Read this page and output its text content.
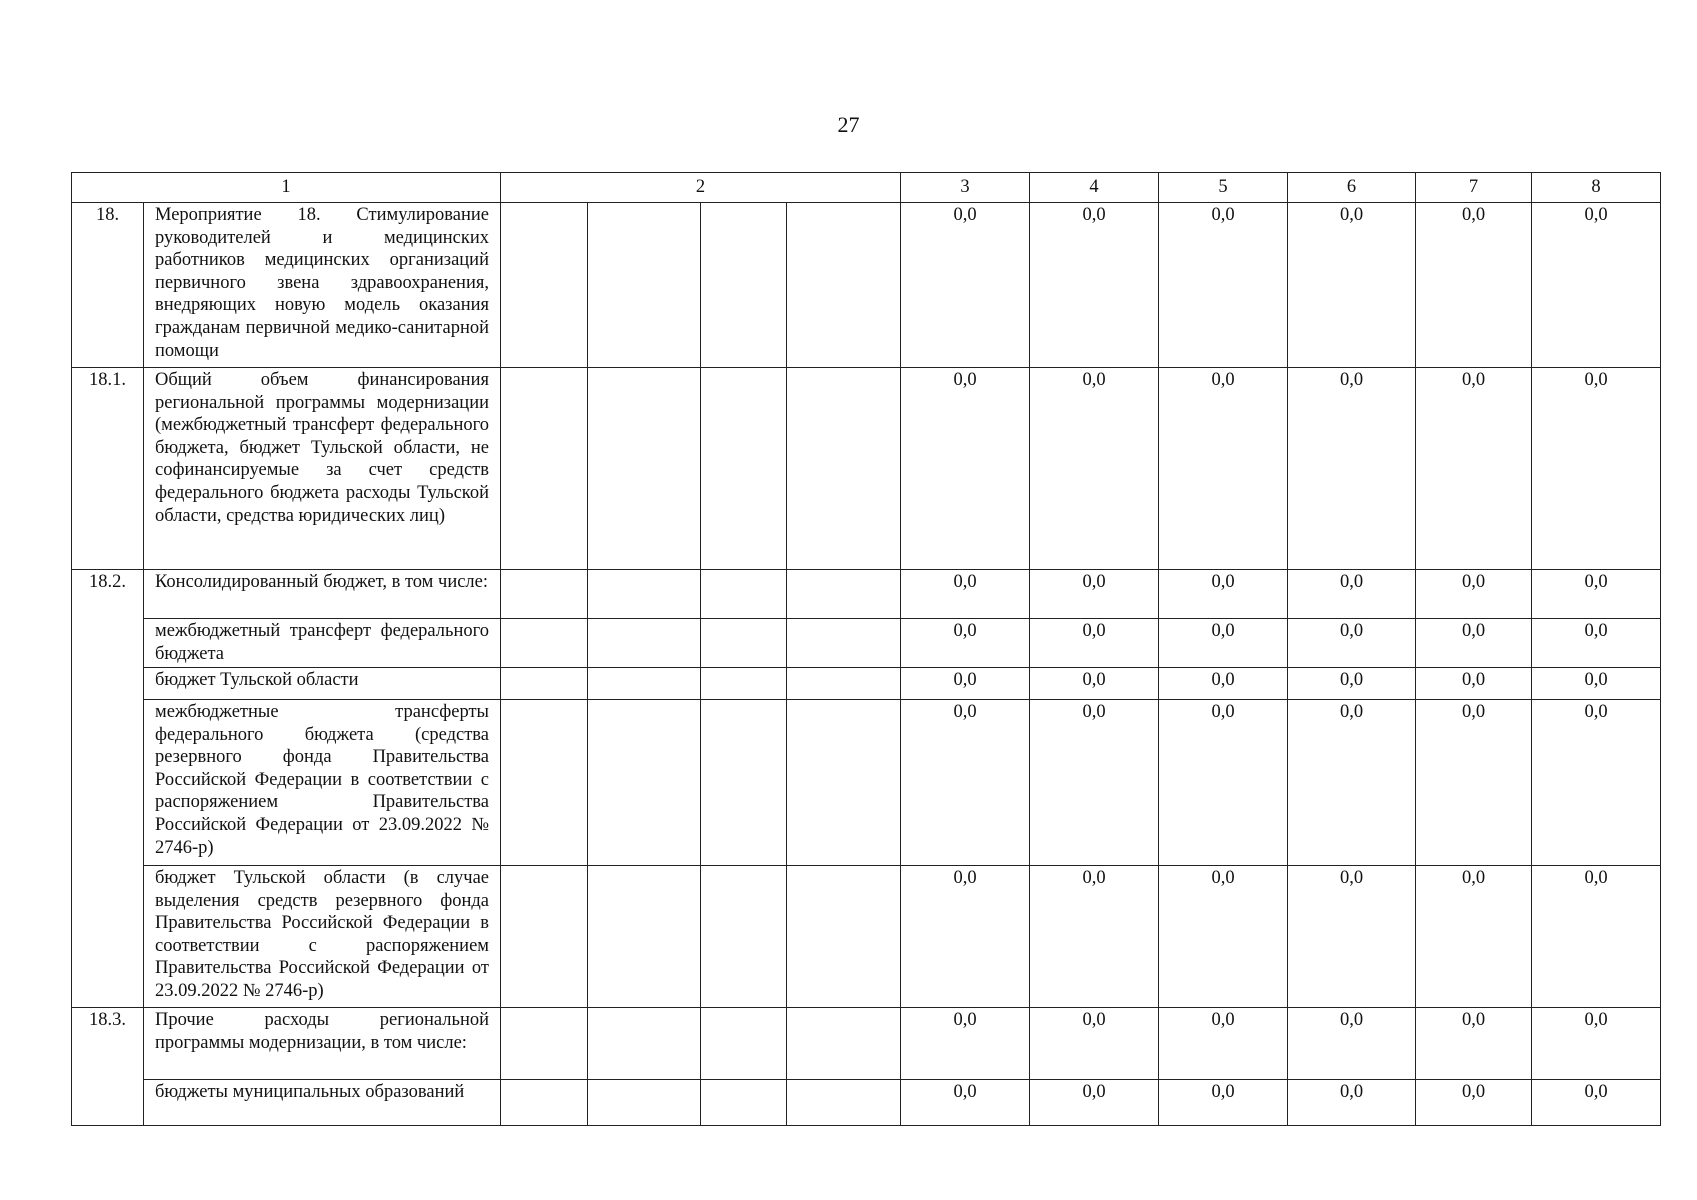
27
1		2				3	4	5	6	7	8
18.	Мероприятие 18. Стимулирование руководителей и медицинских работников медицинских организаций первичного звена здравоохранения, внедряющих новую модель оказания гражданам первичной медико-санитарной помощи					0,0	0,0	0,0	0,0	0,0	0,0
18.1.	Общий объем финансирования региональной программы модернизации (межбюджетный трансферт федерального бюджета, бюджет Тульской области, не софинансируемые за счет средств федерального бюджета расходы Тульской области, средства юридических лиц)					0,0	0,0	0,0	0,0	0,0	0,0
18.2.	Консолидированный бюджет, в том числе:					0,0	0,0	0,0	0,0	0,0	0,0
	межбюджетный трансферт федерального бюджета					0,0	0,0	0,0	0,0	0,0	0,0
	бюджет Тульской области					0,0	0,0	0,0	0,0	0,0	0,0
	межбюджетные трансферты федерального бюджета (средства резервного фонда Правительства Российской Федерации в соответствии с распоряжением Правительства Российской Федерации от 23.09.2022 № 2746-р)					0,0	0,0	0,0	0,0	0,0	0,0
	бюджет Тульской области (в случае выделения средств резервного фонда Правительства Российской Федерации в соответствии с распоряжением Правительства Российской Федерации от 23.09.2022 № 2746-р)					0,0	0,0	0,0	0,0	0,0	0,0
18.3.	Прочие расходы региональной программы модернизации, в том числе:					0,0	0,0	0,0	0,0	0,0	0,0
	бюджеты муниципальных образований					0,0	0,0	0,0	0,0	0,0	0,0
